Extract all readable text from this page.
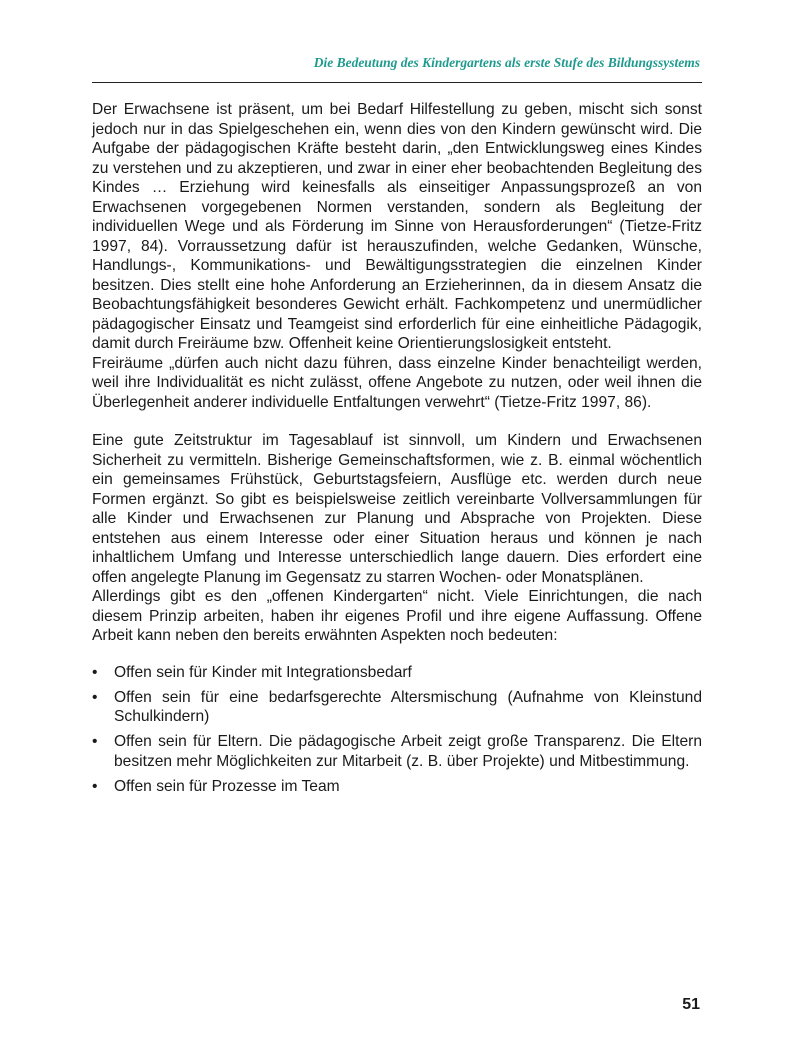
Die Bedeutung des Kindergartens als erste Stufe des Bildungssystems

Der Erwachsene ist präsent, um bei Bedarf Hilfestellung zu geben, mischt sich sonst jedoch nur in das Spielgeschehen ein, wenn dies von den Kindern gewünscht wird. Die Aufgabe der pädagogischen Kräfte besteht darin, „den Entwicklungsweg eines Kindes zu verstehen und zu akzeptieren, und zwar in einer eher beobachtenden Begleitung des Kindes … Erziehung wird keinesfalls als einseitiger Anpassungsprozeß an von Erwachsenen vorgegebenen Normen verstanden, sondern als Begleitung der individuellen Wege und als Förderung im Sinne von Herausforderungen“ (Tietze-Fritz 1997, 84). Vorraussetzung dafür ist herauszufinden, welche Gedanken, Wünsche, Handlungs-, Kommunikations- und Bewältigungsstrategien die einzelnen Kinder besitzen. Dies stellt eine hohe Anforderung an Erzieherinnen, da in diesem Ansatz die Beobachtungsfähigkeit besonderes Gewicht erhält. Fachkompetenz und unermüdlicher pädagogischer Einsatz und Teamgeist sind erforderlich für eine einheitliche Pädagogik, damit durch Freiräume bzw. Offenheit keine Orientierungslosigkeit entsteht.

Freiräume „dürfen auch nicht dazu führen, dass einzelne Kinder benachteiligt werden, weil ihre Individualität es nicht zulässt, offene Angebote zu nutzen, oder weil ihnen die Überlegenheit anderer individuelle Entfaltungen verwehrt“ (Tietze-Fritz 1997, 86).

Eine gute Zeitstruktur im Tagesablauf ist sinnvoll, um Kindern und Erwachsenen Sicherheit zu vermitteln. Bisherige Gemeinschaftsformen, wie z. B. einmal wöchentlich ein gemeinsames Frühstück, Geburtstagsfeiern, Ausflüge etc. werden durch neue Formen ergänzt. So gibt es beispielsweise zeitlich vereinbarte Vollversammlungen für alle Kinder und Erwachsenen zur Planung und Absprache von Projekten. Diese entstehen aus einem Interesse oder einer Situation heraus und können je nach inhaltlichem Umfang und Interesse unterschiedlich lange dauern. Dies erfordert eine offen angelegte Planung im Gegensatz zu starren Wochen- oder Monatsplänen.

Allerdings gibt es den „offenen Kindergarten“ nicht. Viele Einrichtungen, die nach diesem Prinzip arbeiten, haben ihr eigenes Profil und ihre eigene Auffassung. Offene Arbeit kann neben den bereits erwähnten Aspekten noch bedeuten:

•	Offen sein für Kinder mit Integrationsbedarf
•	Offen sein für eine bedarfsgerechte Altersmischung (Aufnahme von Kleinstund Schulkindern)
•	Offen sein für Eltern. Die pädagogische Arbeit zeigt große Transparenz. Die Eltern besitzen mehr Möglichkeiten zur Mitarbeit (z. B. über Projekte) und Mitbestimmung.
•	Offen sein für Prozesse im Team
51
